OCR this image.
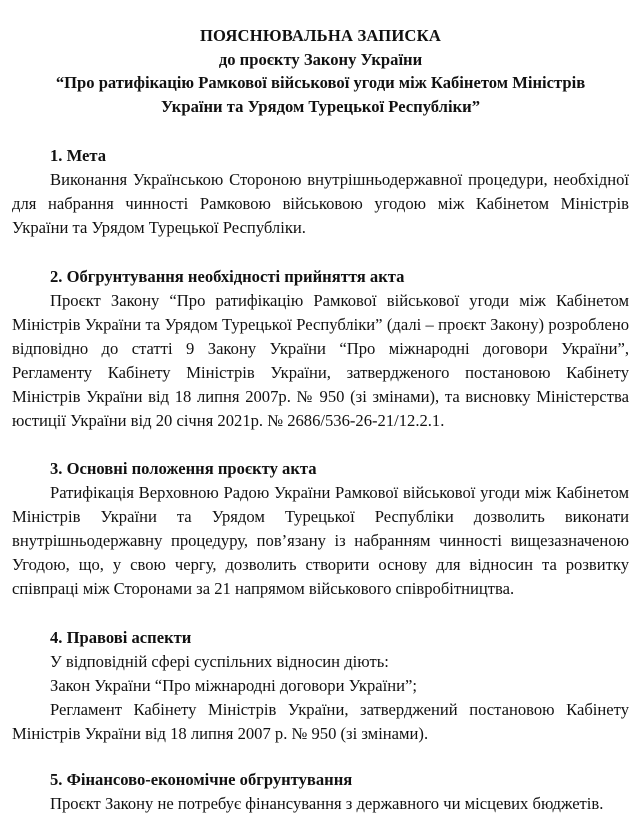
ПОЯСНЮВАЛЬНА ЗАПИСКА
до проєкту Закону України
“Про ратифікацію Рамкової військової угоди між Кабінетом Міністрів
України та Урядом Турецької Республіки”
1. Мета
Виконання Українською Стороною внутрішньодержавної процедури, необхідної для набрання чинності Рамковою військовою угодою між Кабінетом Міністрів України та Урядом Турецької Республіки.
2. Обгрунтування необхідності прийняття акта
Проєкт Закону “Про ратифікацію Рамкової військової угоди між Кабінетом Міністрів України та Урядом Турецької Республіки” (далі – проєкт Закону) розроблено відповідно до статті 9 Закону України “Про міжнародні договори України”, Регламенту Кабінету Міністрів України, затвердженого постановою Кабінету Міністрів України від 18 липня 2007р. № 950 (зі змінами), та висновку Міністерства юстиції України від 20 січня 2021р. № 2686/536-26-21/12.2.1.
3. Основні положення проєкту акта
Ратифікація Верховною Радою України Рамкової військової угоди між Кабінетом Міністрів України та Урядом Турецької Республіки дозволить виконати внутрішньодержавну процедуру, пов’язану із набранням чинності вищезазначеною Угодою, що, у свою чергу, дозволить створити основу для відносин та розвитку співпраці між Сторонами за 21 напрямом військового співробітництва.
4. Правові аспекти
У відповідній сфері суспільних відносин діють:
Закон України “Про міжнародні договори України”;
Регламент Кабінету Міністрів України, затверджений постановою Кабінету Міністрів України від 18 липня 2007 р. № 950 (зі змінами).
5. Фінансово-економічне обгрунтування
Проєкт Закону не потребує фінансування з державного чи місцевих бюджетів.
